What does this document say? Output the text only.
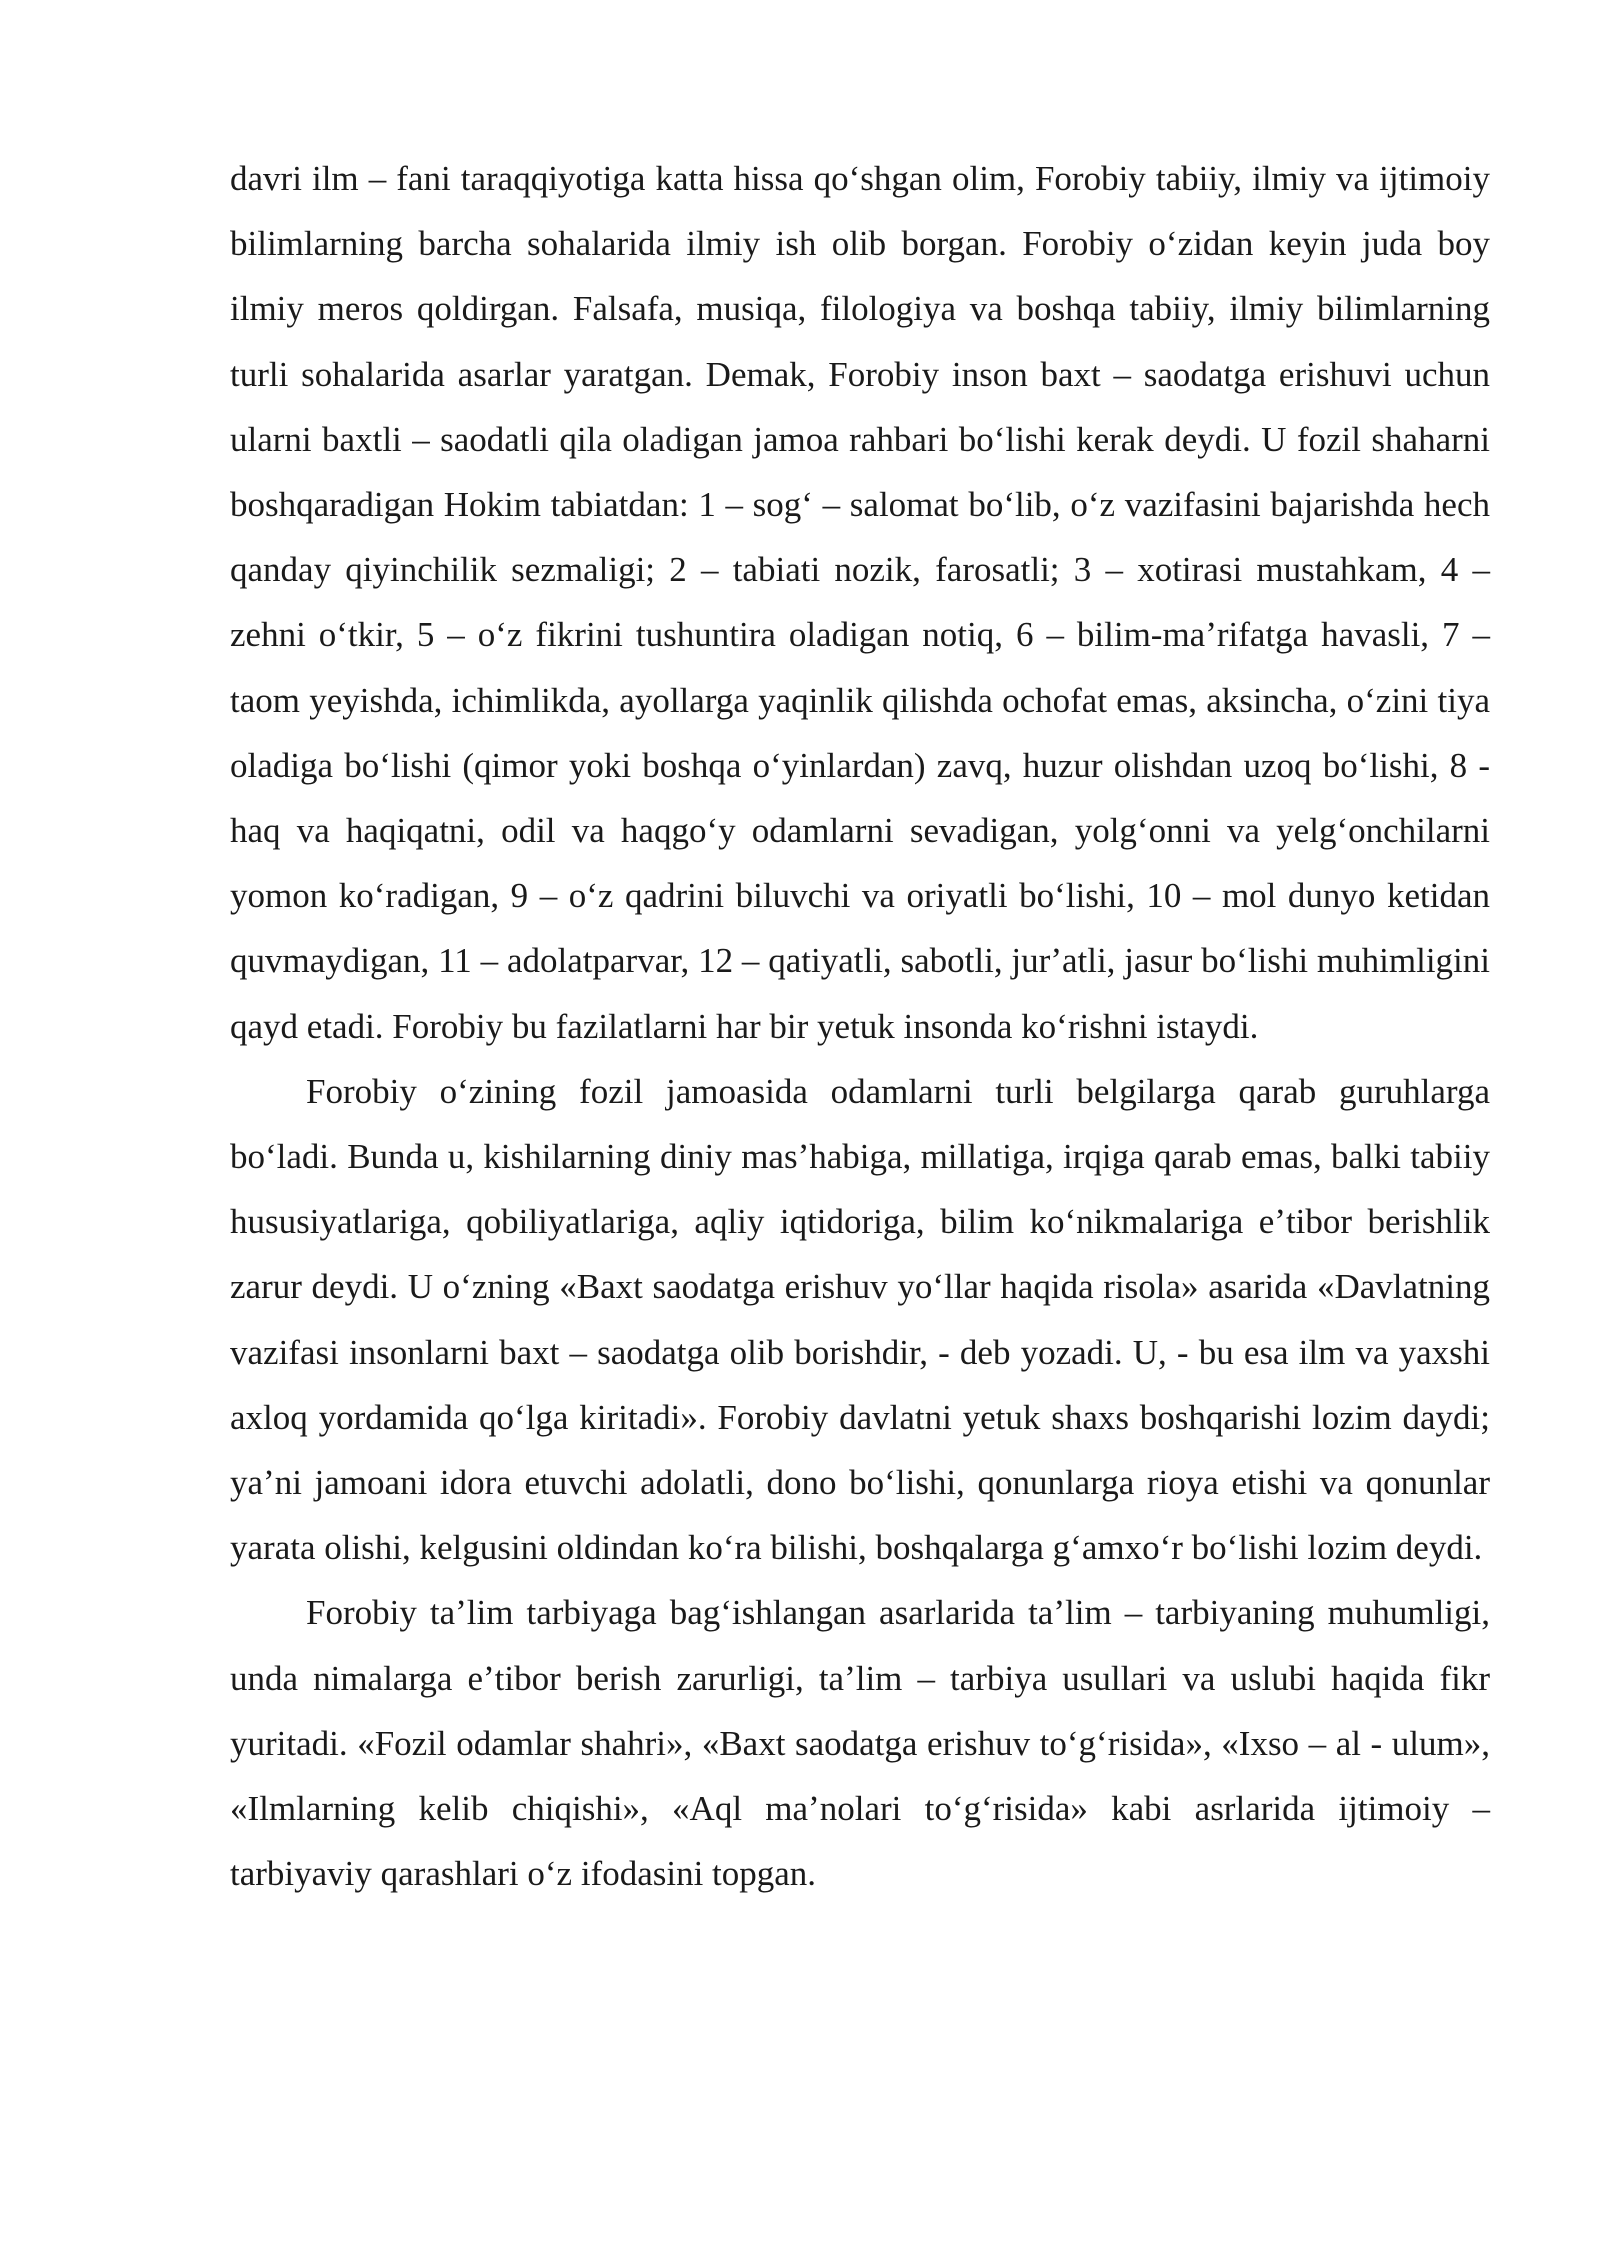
davri ilm – fani taraqqiyotiga katta hissa qoʻshgan olim, Forobiy tabiiy, ilmiy va ijtimoiy bilimlarning barcha sohalarida ilmiy ish olib borgan. Forobiy oʻzidan keyin juda boy ilmiy meros qoldirgan. Falsafa, musiqa, filologiya va boshqa tabiiy, ilmiy bilimlarning turli sohalarida asarlar yaratgan. Demak, Forobiy inson baxt – saodatga erishuvi uchun ularni baxtli – saodatli qila oladigan jamoa rahbari boʻlishi kerak deydi. U fozil shaharni boshqaradigan Hokim tabiatdan: 1 – sogʻ – salomat boʻlib, oʻz vazifasini bajarishda hech qanday qiyinchilik sezmaligi; 2 – tabiati nozik, farosatli; 3 – xotirasi mustahkam, 4 – zehni oʻtkir, 5 – oʻz fikrini tushuntira oladigan notiq, 6 – bilim-maʼrifatga havasli, 7 – taom yeyishda, ichimlikda, ayollarga yaqinlik qilishda ochofat emas, aksincha, oʻzini tiya oladiga boʻlishi (qimor yoki boshqa oʻyinlardan) zavq, huzur olishdan uzoq boʻlishi, 8 - haq va haqiqatni, odil va haqgoʻy odamlarni sevadigan, yolgʻonni va yelgʻonchilarni yomon koʻradigan, 9 – oʻz qadrini biluvchi va oriyatli boʻlishi, 10 – mol dunyo ketidan quvmaydigan, 11 – adolatparvar, 12 – qatiyatli, sabotli, jurʼatli, jasur boʻlishi muhimligini qayd etadi. Forobiy bu fazilatlarni har bir yetuk insonda koʻrishni istaydi.

Forobiy oʻzining fozil jamoasida odamlarni turli belgilarga qarab guruhlarga boʻladi. Bunda u, kishilarning diniy masʼhabiga, millatiga, irqiga qarab emas, balki tabiiy hususiyatlariga, qobiliyatlariga, aqliy iqtidoriga, bilim koʻnikmalariga eʼtibor berishlik zarur deydi. U oʻzning «Baxt saodatga erishuv yoʻllar haqida risola» asarida «Davlatning vazifasi insonlarni baxt – saodatga olib borishdir, - deb yozadi. U, - bu esa ilm va yaxshi axloq yordamida qoʻlga kiritadi». Forobiy davlatni yetuk shaxs boshqarishi lozim daydi; yaʼni jamoani idora etuvchi adolatli, dono boʻlishi, qonunlarga rioya etishi va qonunlar yarata olishi, kelgusini oldindan koʻra bilishi, boshqalarga gʻamxoʻr boʻlishi lozim deydi.

Forobiy taʼlim tarbiyaga bagʻishlangan asarlarida taʼlim – tarbiyaning muhumligi, unda nimalarga eʼtibor berish zarurligi, taʼlim – tarbiya usullari va uslubi haqida fikr yuritadi. «Fozil odamlar shahri», «Baxt saodatga erishuv toʻgʻrisida», «Ixso – al - ulum», «Ilmlarning kelib chiqishi», «Aql maʼnolari toʻgʻrisida» kabi asrlarida ijtimoiy – tarbiyaviy qarashlari oʻz ifodasini topgan.
